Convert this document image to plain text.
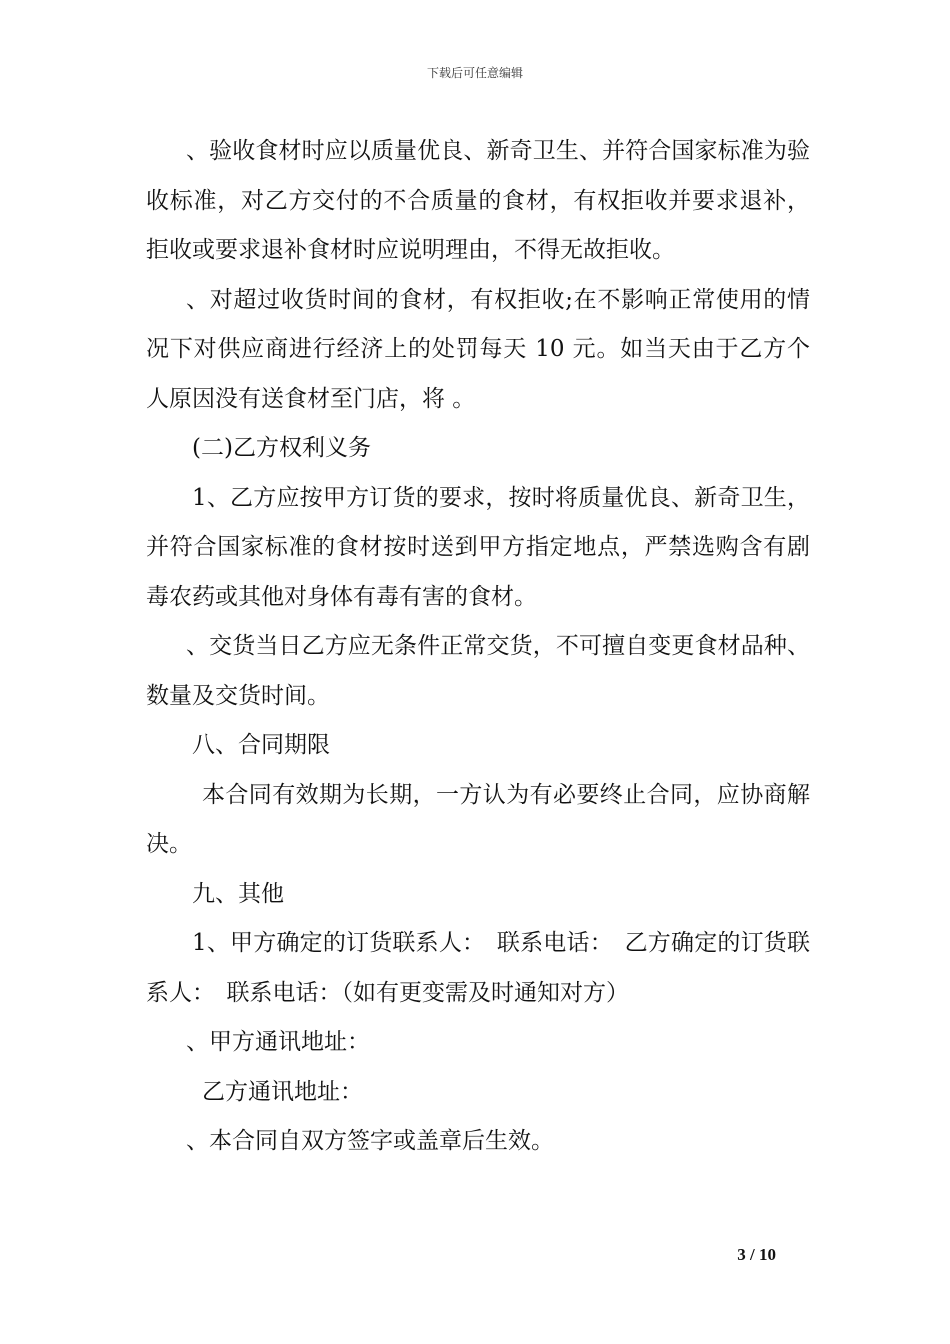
下载后可任意编辑

、验收食材时应以质量优良、新奇卫生、并符合国家标准为验收标准，对乙方交付的不合质量的食材，有权拒收并要求退补，拒收或要求退补食材时应说明理由，不得无故拒收。

、对超过收货时间的食材，有权拒收;在不影响正常使用的情况下对供应商进行经济上的处罚每天 10 元。如当天由于乙方个人原因没有送食材至门店，将 。

(二)乙方权利义务

1、乙方应按甲方订货的要求，按时将质量优良、新奇卫生，并符合国家标准的食材按时送到甲方指定地点，严禁选购含有剧毒农药或其他对身体有毒有害的食材。

、交货当日乙方应无条件正常交货，不可擅自变更食材品种、数量及交货时间。

八、合同期限

本合同有效期为长期，一方认为有必要终止合同，应协商解决。

九、其他

1、甲方确定的订货联系人：　联系电话：　乙方确定的订货联系人：　联系电话：（如有更变需及时通知对方）

、甲方通讯地址：

乙方通讯地址：

、本合同自双方签字或盖章后生效。

3 / 10
